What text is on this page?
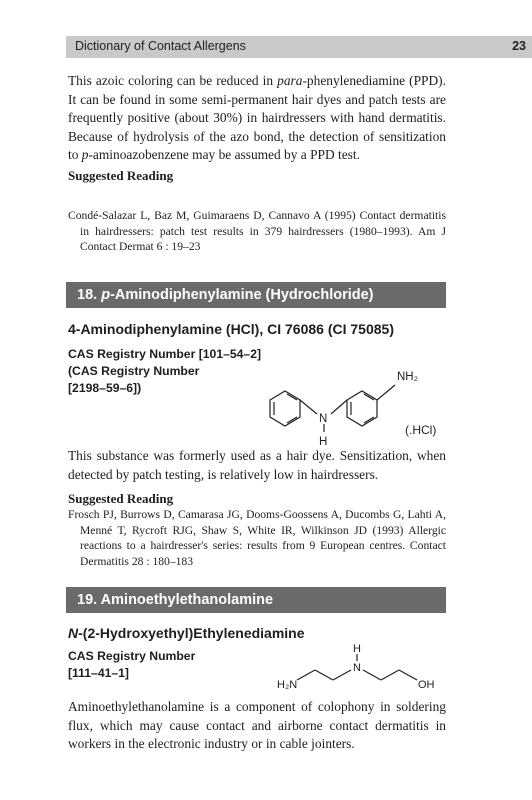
Dictionary of Contact Allergens	23
This azoic coloring can be reduced in para-phenylenediamine (PPD). It can be found in some semi-permanent hair dyes and patch tests are frequently positive (about 30%) in hairdressers with hand dermatitis. Because of hydrolysis of the azo bond, the detection of sensitization to p-aminoazobenzene may be assumed by a PPD test.
Suggested Reading
Condé-Salazar L, Baz M, Guimaraens D, Cannavo A (1995) Contact dermatitis in hairdressers: patch test results in 379 hairdressers (1980–1993). Am J Contact Dermat 6 : 19–23
18. p-Aminodiphenylamine (Hydrochloride)
4-Aminodiphenylamine (HCl), CI 76086 (CI 75085)
CAS Registry Number [101–54–2]
(CAS Registry Number
[2198–59–6])
NH₂
N
H
(.HCl)
This substance was formerly used as a hair dye. Sensitization, when detected by patch testing, is relatively low in hairdressers.
Suggested Reading
Frosch PJ, Burrows D, Camarasa JG, Dooms-Goossens A, Ducombs G, Lahti A, Menné T, Rycroft RJG, Shaw S, White IR, Wilkinson JD (1993) Allergic reactions to a hairdresser's series: results from 9 European centres. Contact Dermatitis 28 : 180–183
19. Aminoethylethanolamine
N-(2-Hydroxyethyl)Ethylenediamine
CAS Registry Number
[111–41–1]
H₂N
N
H
OH
Aminoethylethanolamine is a component of colophony in soldering flux, which may cause contact and airborne contact dermatitis in workers in the electronic industry or in cable jointers.
